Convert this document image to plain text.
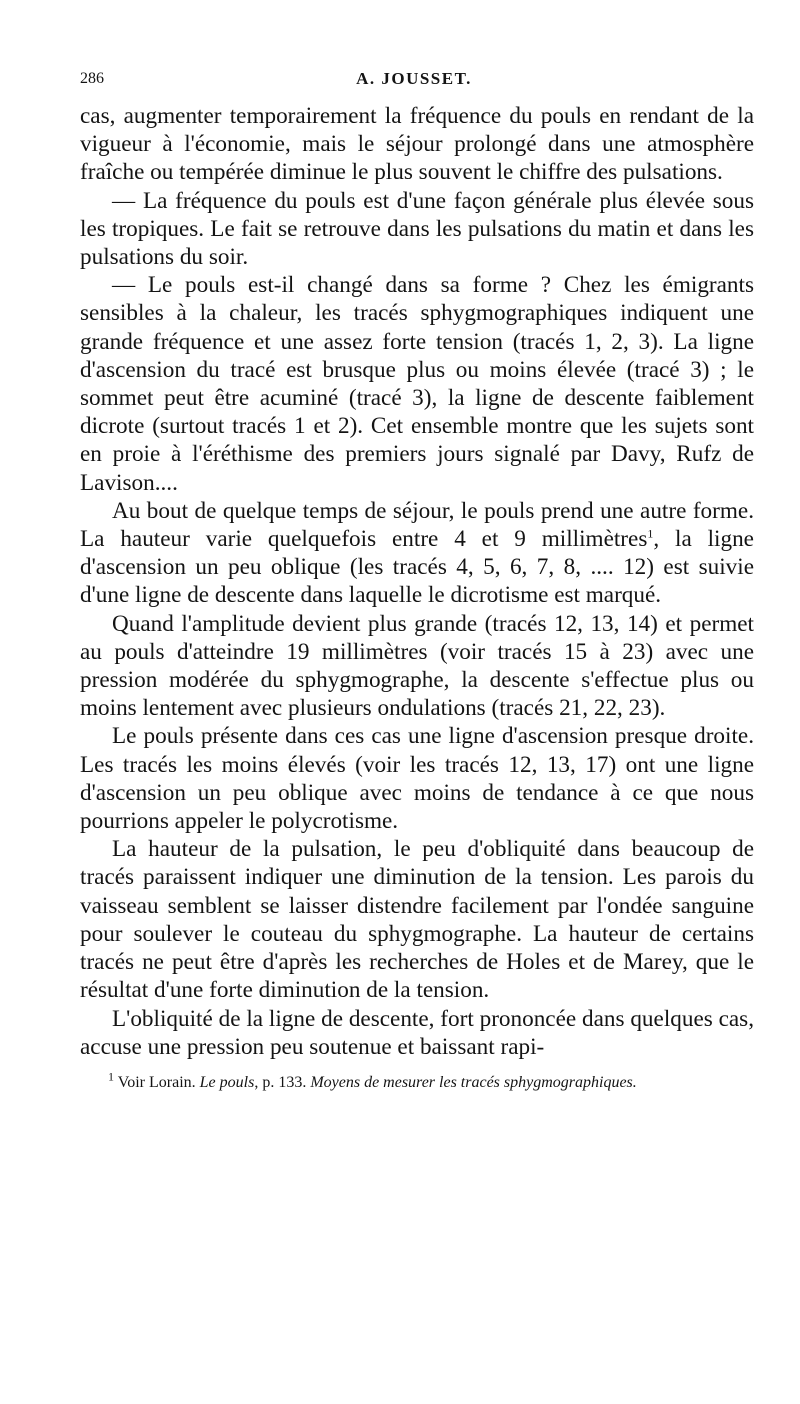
286	A. JOUSSET.

cas, augmenter temporairement la fréquence du pouls en rendant de la vigueur à l'économie, mais le séjour prolongé dans une atmosphère fraîche ou tempérée diminue le plus souvent le chiffre des pulsations.

— La fréquence du pouls est d'une façon générale plus élevée sous les tropiques. Le fait se retrouve dans les pulsations du matin et dans les pulsations du soir.

— Le pouls est-il changé dans sa forme ? Chez les émigrants sensibles à la chaleur, les tracés sphygmographiques indiquent une grande fréquence et une assez forte tension (tracés 1, 2, 3). La ligne d'ascension du tracé est brusque plus ou moins élevée (tracé 3) ; le sommet peut être acuminé (tracé 3), la ligne de descente faiblement dicrote (surtout tracés 1 et 2). Cet ensemble montre que les sujets sont en proie à l'éréthisme des premiers jours signalé par Davy, Rufz de Lavison....

Au bout de quelque temps de séjour, le pouls prend une autre forme. La hauteur varie quelquefois entre 4 et 9 millimètres$^1$, la ligne d'ascension un peu oblique (les tracés 4, 5, 6, 7, 8, .... 12) est suivie d'une ligne de descente dans laquelle le dicrotisme est marqué.

Quand l'amplitude devient plus grande (tracés 12, 13, 14) et permet au pouls d'atteindre 19 millimètres (voir tracés 15 à 23) avec une pression modérée du sphygmographe, la descente s'effectue plus ou moins lentement avec plusieurs ondulations (tracés 21, 22, 23).

Le pouls présente dans ces cas une ligne d'ascension presque droite. Les tracés les moins élevés (voir les tracés 12, 13, 17) ont une ligne d'ascension un peu oblique avec moins de tendance à ce que nous pourrions appeler le polycrotisme.

La hauteur de la pulsation, le peu d'obliquité dans beaucoup de tracés paraissent indiquer une diminution de la tension. Les parois du vaisseau semblent se laisser distendre facilement par l'ondée sanguine pour soulever le couteau du sphygmographe. La hauteur de certains tracés ne peut être d'après les recherches de Holes et de Marey, que le résultat d'une forte diminution de la tension.

L'obliquité de la ligne de descente, fort prononcée dans quelques cas, accuse une pression peu soutenue et baissant rapi-

$^1$ Voir Lorain. Le pouls, p. 133. Moyens de mesurer les tracés sphygmographiques.
